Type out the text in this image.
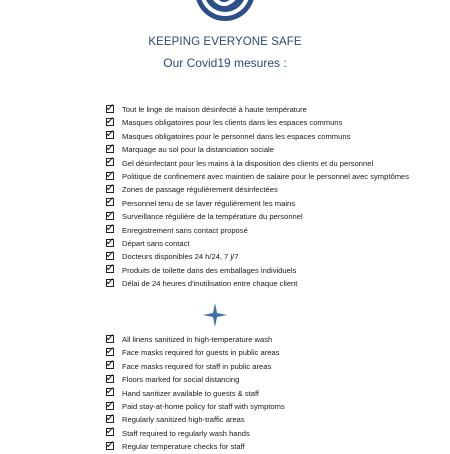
KEEPING EVERYONE SAFE
Our Covid19 mesures :
Tout le linge de maison désinfecté à haute température
Masques obligatoires pour les clients dans les espaces communs
Masques obligatoires pour le personnel dans les espaces communs
Marquage au sol pour la distanciation sociale
Gel désinfectant pour les mains à la disposition des clients et du personnel
Politique de confinement avec maintien de salaire pour le personnel avec symptômes
Zones de passage régulièrement désinfectées
Personnel tenu de se laver régulièrement les mains
Surveillance régulière de la température du personnel
Enregistrement sans contact proposé
Départ sans contact
Docteurs disponibles 24 h/24, 7 j/7
Produits de toilette dans des emballages individuels
Délai de 24 heures d'inutilisation entre chaque client
All linens sanitized in high-temperature wash
Face masks required for guests in public areas
Face masks required for staff in public areas
Floors marked for social distancing
Hand sanitizer available to guests & staff
Paid stay-at-home policy for staff with symptoms
Regularly sanitized high-traffic areas
Staff required to regularly wash hands
Regular temperature checks for staff
